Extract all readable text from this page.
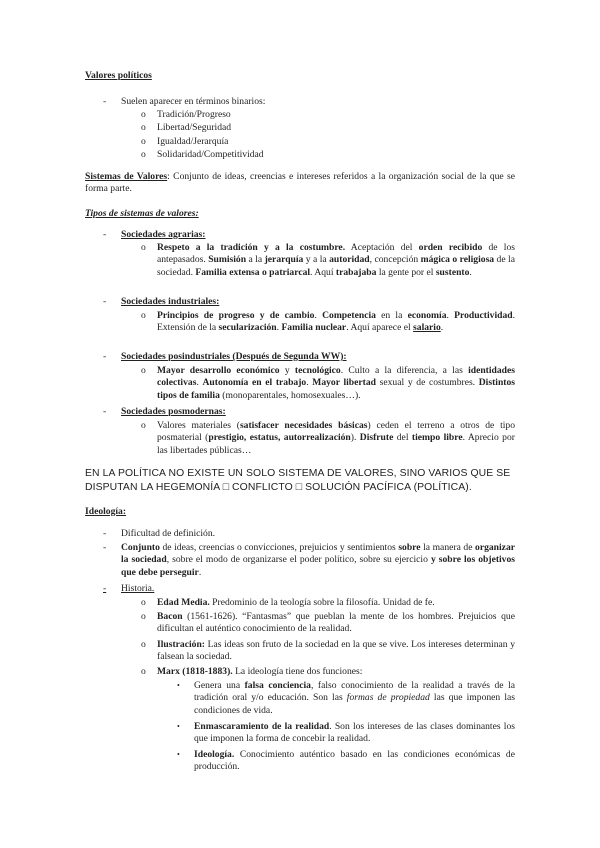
Valores políticos
- Suelen aparecer en términos binarios:
o Tradición/Progreso
o Libertad/Seguridad
o Igualdad/Jerarquía
o Solidaridad/Competitividad
Sistemas de Valores: Conjunto de ideas, creencias e intereses referidos a la organización social de la que se forma parte.
Tipos de sistemas de valores:
- Sociedades agrarias:
o Respeto a la tradición y a la costumbre. Aceptación del orden recibido de los antepasados. Sumisión a la jerarquía y a la autoridad, concepción mágica o religiosa de la sociedad. Familia extensa o patriarcal. Aquí trabajaba la gente por el sustento.
- Sociedades industriales:
o Principios de progreso y de cambio. Competencia en la economía. Productividad. Extensión de la secularización. Familia nuclear. Aquí aparece el salario.
- Sociedades posindustriales (Después de Segunda WW):
o Mayor desarrollo económico y tecnológico. Culto a la diferencia, a las identidades colectivas. Autonomía en el trabajo. Mayor libertad sexual y de costumbres. Distintos tipos de familia (monoparentales, homosexuales…).
- Sociedades posmodernas:
o Valores materiales (satisfacer necesidades básicas) ceden el terreno a otros de tipo posmaterial (prestigio, estatus, autorrealización). Disfrute del tiempo libre. Aprecio por las libertades públicas…
EN LA POLÍTICA NO EXISTE UN SOLO SISTEMA DE VALORES, SINO VARIOS QUE SE DISPUTAN LA HEGEMONÍA □ CONFLICTO □ SOLUCIÓN PACÍFICA (POLÍTICA).
Ideología:
- Dificultad de definición.
- Conjunto de ideas, creencias o convicciones, prejuicios y sentimientos sobre la manera de organizar la sociedad, sobre el modo de organizarse el poder político, sobre su ejercicio y sobre los objetivos que debe perseguir.
- Historia.
o Edad Media. Predominio de la teología sobre la filosofía. Unidad de fe.
o Bacon (1561-1626). “Fantasmas” que pueblan la mente de los hombres. Prejuicios que dificultan el auténtico conocimiento de la realidad.
o Ilustración: Las ideas son fruto de la sociedad en la que se vive. Los intereses determinan y falsean la sociedad.
o Marx (1818-1883). La ideología tiene dos funciones:
• Genera una falsa conciencia, falso conocimiento de la realidad a través de la tradición oral y/o educación. Son las formas de propiedad las que imponen las condiciones de vida.
• Enmascaramiento de la realidad. Son los intereses de las clases dominantes los que imponen la forma de concebir la realidad.
• Ideología. Conocimiento auténtico basado en las condiciones económicas de producción.
